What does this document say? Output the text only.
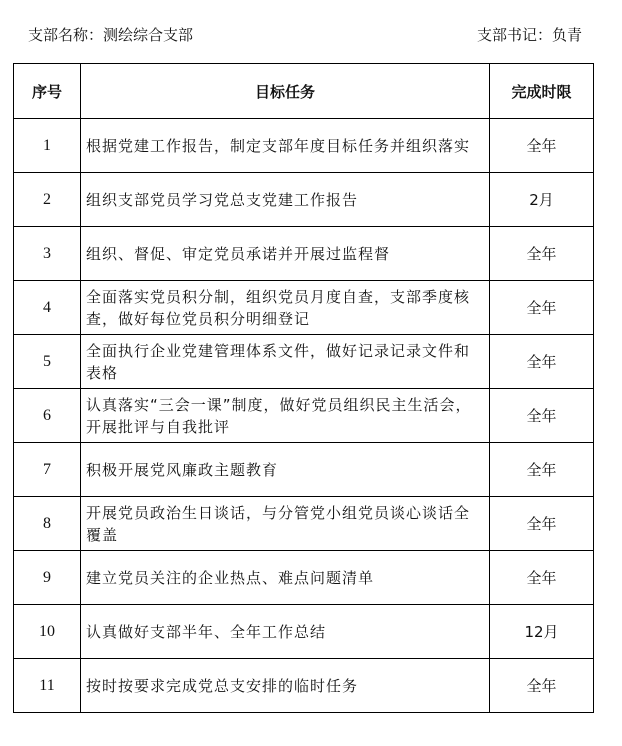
支部名称：测绘综合支部	支部书记：负青
序号	目标任务	完成时限
1	根据党建工作报告，制定支部年度目标任务并组织落实	全年
2	组织支部党员学习党总支党建工作报告	2月
3	组织、督促、审定党员承诺并开展过监程督	全年
4	全面落实党员积分制，组织党员月度自查，支部季度核查，做好每位党员积分明细登记	全年
5	全面执行企业党建管理体系文件，做好记录记录文件和表格	全年
6	认真落实“三会一课”制度，做好党员组织民主生活会，开展批评与自我批评	全年
7	积极开展党风廉政主题教育	全年
8	开展党员政治生日谈话，与分管党小组党员谈心谈话全覆盖	全年
9	建立党员关注的企业热点、难点问题清单	全年
10	认真做好支部半年、全年工作总结	12月
11	按时按要求完成党总支安排的临时任务	全年
